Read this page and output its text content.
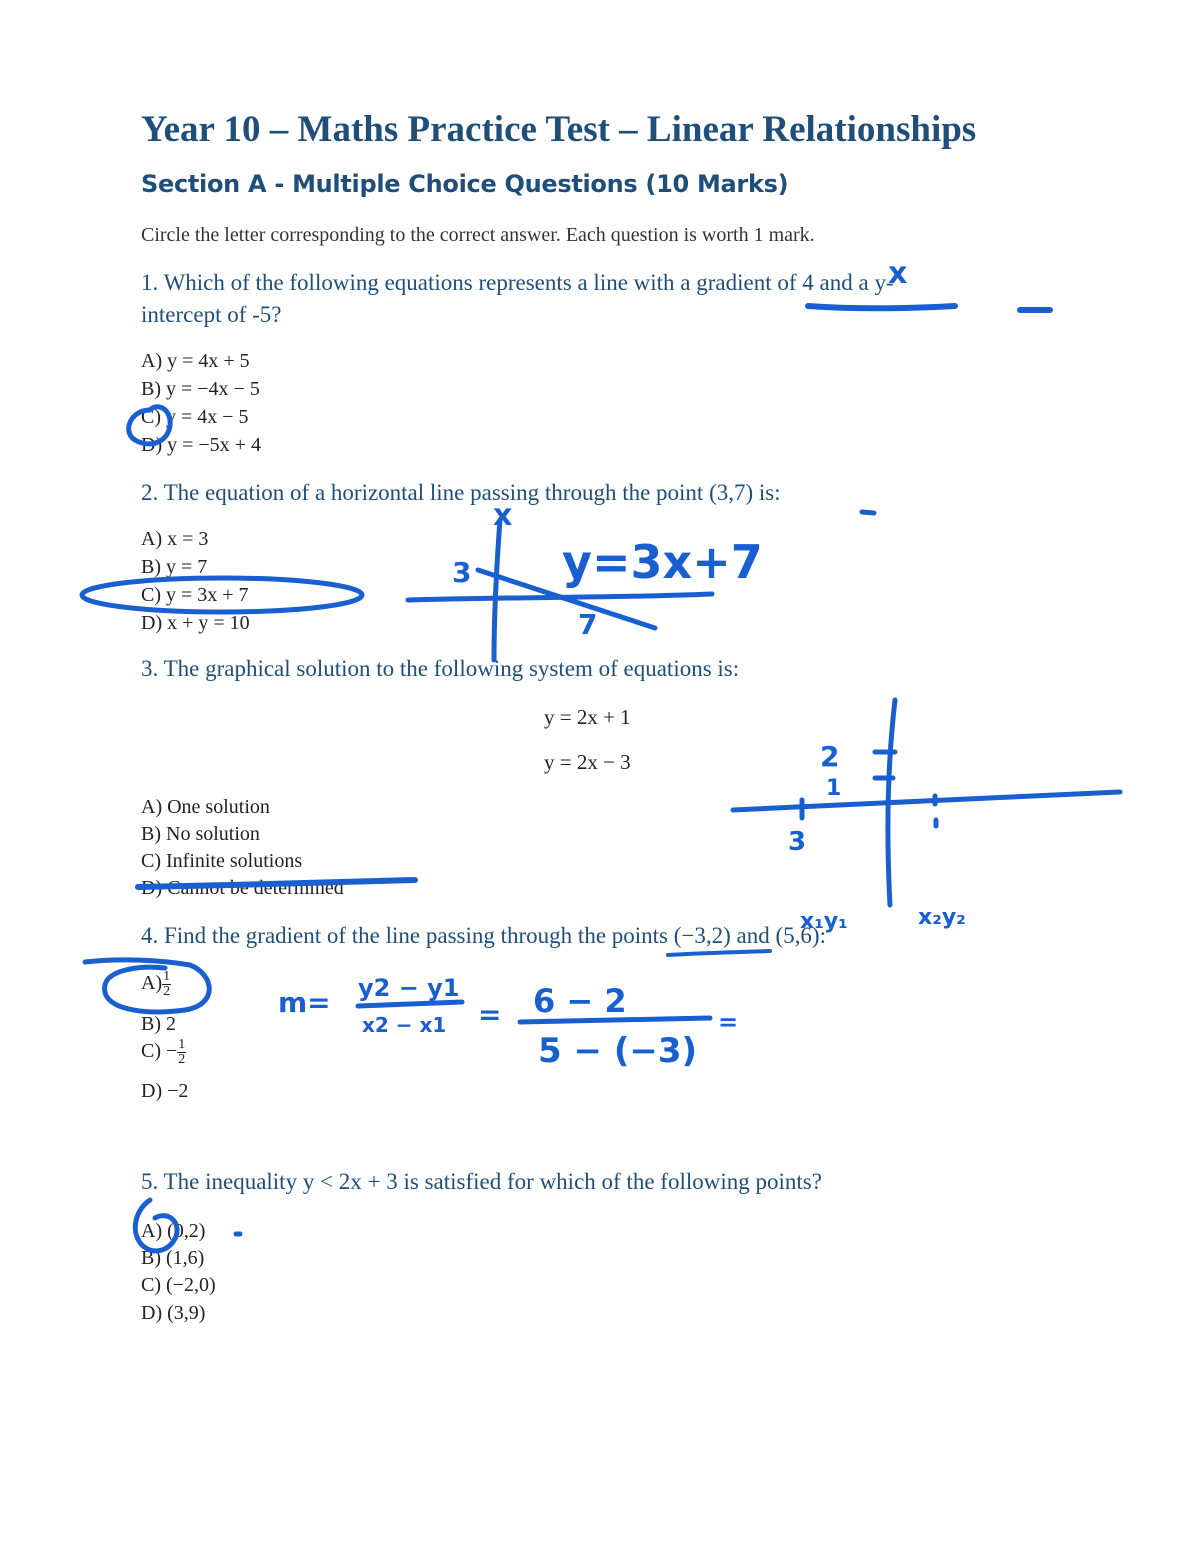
Year 10 – Maths Practice Test – Linear Relationships
Section A - Multiple Choice Questions (10 Marks)
Circle the letter corresponding to the correct answer. Each question is worth 1 mark.
1. Which of the following equations represents a line with a gradient of 4 and a y-
intercept of -5?
A) y = 4x + 5
B) y = −4x − 5
C) y = 4x − 5
D) y = −5x + 4
2. The equation of a horizontal line passing through the point (3,7) is:
A) x = 3
B) y = 7
C) y = 3x + 7
D) x + y = 10
3. The graphical solution to the following system of equations is:
y = 2x + 1
y = 2x − 3
A) One solution
B) No solution
C) Infinite solutions
D) Cannot be determined
4. Find the gradient of the line passing through the points (−3,2) and (5,6):
$A) \frac{1}{2}$
B) 2
$C) - \frac{1}{2}$
D) −2
5. The inequality y < 2x + 3 is satisfied for which of the following points?
A) (0,2)
B) (1,6)
C) (−2,0)
D) (3,9)
x
x
y=3x+7
3
7
2
1
3
x₁y₁	x₂y₂
m= y2 − y1
x2 − x1 = 6 − 2
5 − (−3)
=
